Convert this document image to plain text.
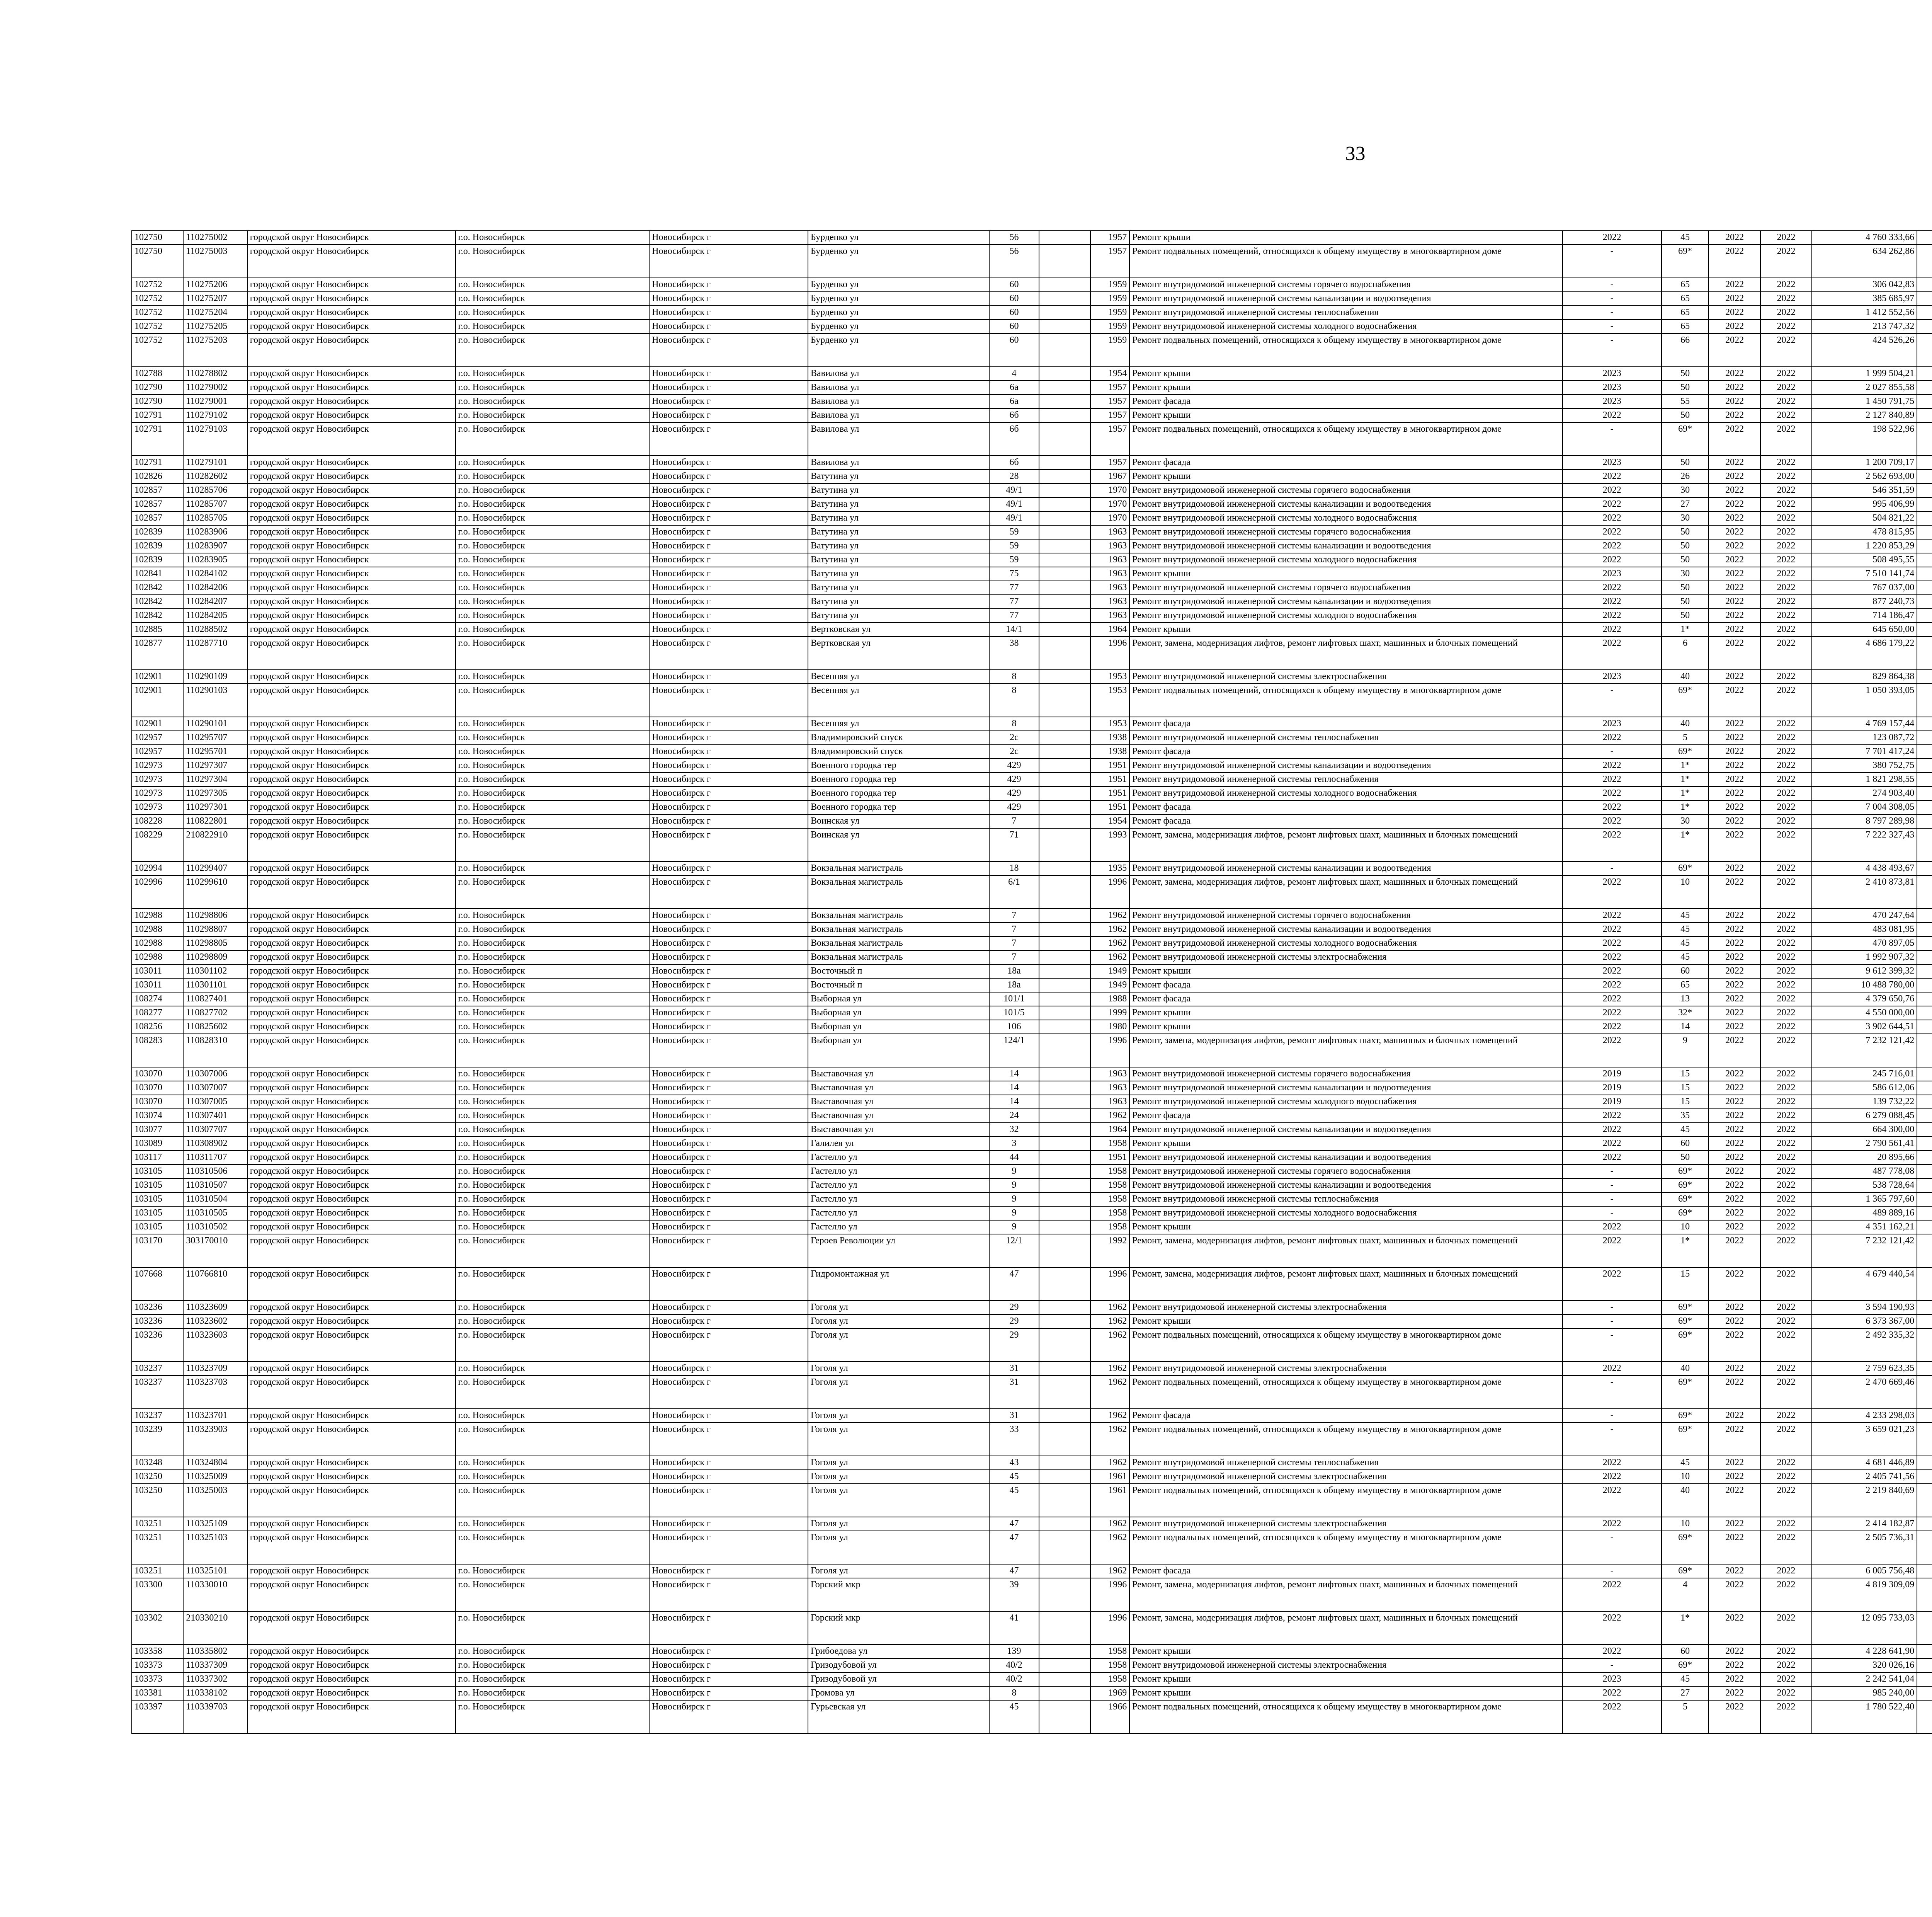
33
102750	110275002	городской округ Новосибирск	г.о. Новосибирск	Новосибирск г	Бурденко ул	56		1957	Ремонт крыши	2022	45	2022	2022	4 760 333,66						
102750	110275003	городской округ Новосибирск	г.о. Новосибирск	Новосибирск г	Бурденко ул	56		1957	Ремонт подвальных помещений, относящихся к общему имуществу в многоквартирном доме	-	69*	2022	2022	634 262,86						
102752	110275206	городской округ Новосибирск	г.о. Новосибирск	Новосибирск г	Бурденко ул	60		1959	Ремонт внутридомовой инженерной системы горячего водоснабжения	-	65	2022	2022	306 042,83						
102752	110275207	городской округ Новосибирск	г.о. Новосибирск	Новосибирск г	Бурденко ул	60		1959	Ремонт внутридомовой инженерной системы канализации и водоотведения	-	65	2022	2022	385 685,97						
102752	110275204	городской округ Новосибирск	г.о. Новосибирск	Новосибирск г	Бурденко ул	60		1959	Ремонт внутридомовой инженерной системы теплоснабжения	-	65	2022	2022	1 412 552,56						
102752	110275205	городской округ Новосибирск	г.о. Новосибирск	Новосибирск г	Бурденко ул	60		1959	Ремонт внутридомовой инженерной системы холодного водоснабжения	-	65	2022	2022	213 747,32						
102752	110275203	городской округ Новосибирск	г.о. Новосибирск	Новосибирск г	Бурденко ул	60		1959	Ремонт подвальных помещений, относящихся к общему имуществу в многоквартирном доме	-	66	2022	2022	424 526,26						
102788	110278802	городской округ Новосибирск	г.о. Новосибирск	Новосибирск г	Вавилова ул	4		1954	Ремонт крыши	2023	50	2022	2022	1 999 504,21						
102790	110279002	городской округ Новосибирск	г.о. Новосибирск	Новосибирск г	Вавилова ул	6а		1957	Ремонт крыши	2023	50	2022	2022	2 027 855,58						
102790	110279001	городской округ Новосибирск	г.о. Новосибирск	Новосибирск г	Вавилова ул	6а		1957	Ремонт фасада	2023	55	2022	2022	1 450 791,75						
102791	110279102	городской округ Новосибирск	г.о. Новосибирск	Новосибирск г	Вавилова ул	6б		1957	Ремонт крыши	2022	50	2022	2022	2 127 840,89						
102791	110279103	городской округ Новосибирск	г.о. Новосибирск	Новосибирск г	Вавилова ул	6б		1957	Ремонт подвальных помещений, относящихся к общему имуществу в многоквартирном доме	-	69*	2022	2022	198 522,96						
102791	110279101	городской округ Новосибирск	г.о. Новосибирск	Новосибирск г	Вавилова ул	6б		1957	Ремонт фасада	2023	50	2022	2022	1 200 709,17						
102826	110282602	городской округ Новосибирск	г.о. Новосибирск	Новосибирск г	Ватутина ул	28		1967	Ремонт крыши	2022	26	2022	2022	2 562 693,00						
102857	110285706	городской округ Новосибирск	г.о. Новосибирск	Новосибирск г	Ватутина ул	49/1		1970	Ремонт внутридомовой инженерной системы горячего водоснабжения	2022	30	2022	2022	546 351,59						
102857	110285707	городской округ Новосибирск	г.о. Новосибирск	Новосибирск г	Ватутина ул	49/1		1970	Ремонт внутридомовой инженерной системы канализации и водоотведения	2022	27	2022	2022	995 406,99						
102857	110285705	городской округ Новосибирск	г.о. Новосибирск	Новосибирск г	Ватутина ул	49/1		1970	Ремонт внутридомовой инженерной системы холодного водоснабжения	2022	30	2022	2022	504 821,22						
102839	110283906	городской округ Новосибирск	г.о. Новосибирск	Новосибирск г	Ватутина ул	59		1963	Ремонт внутридомовой инженерной системы горячего водоснабжения	2022	50	2022	2022	478 815,95						
102839	110283907	городской округ Новосибирск	г.о. Новосибирск	Новосибирск г	Ватутина ул	59		1963	Ремонт внутридомовой инженерной системы канализации и водоотведения	2022	50	2022	2022	1 220 853,29						
102839	110283905	городской округ Новосибирск	г.о. Новосибирск	Новосибирск г	Ватутина ул	59		1963	Ремонт внутридомовой инженерной системы холодного водоснабжения	2022	50	2022	2022	508 495,55						
102841	110284102	городской округ Новосибирск	г.о. Новосибирск	Новосибирск г	Ватутина ул	75		1963	Ремонт крыши	2023	30	2022	2022	7 510 141,74						
102842	110284206	городской округ Новосибирск	г.о. Новосибирск	Новосибирск г	Ватутина ул	77		1963	Ремонт внутридомовой инженерной системы горячего водоснабжения	2022	50	2022	2022	767 037,00						
102842	110284207	городской округ Новосибирск	г.о. Новосибирск	Новосибирск г	Ватутина ул	77		1963	Ремонт внутридомовой инженерной системы канализации и водоотведения	2022	50	2022	2022	877 240,73						
102842	110284205	городской округ Новосибирск	г.о. Новосибирск	Новосибирск г	Ватутина ул	77		1963	Ремонт внутридомовой инженерной системы холодного водоснабжения	2022	50	2022	2022	714 186,47						
102885	110288502	городской округ Новосибирск	г.о. Новосибирск	Новосибирск г	Вертковская ул	14/1		1964	Ремонт крыши	2022	1*	2022	2022	645 650,00						
102877	110287710	городской округ Новосибирск	г.о. Новосибирск	Новосибирск г	Вертковская ул	38		1996	Ремонт, замена, модернизация лифтов, ремонт лифтовых шахт, машинных и блочных помещений	2022	6	2022	2022	4 686 179,22						
102901	110290109	городской округ Новосибирск	г.о. Новосибирск	Новосибирск г	Весенняя ул	8		1953	Ремонт внутридомовой инженерной системы электроснабжения	2023	40	2022	2022	829 864,38						
102901	110290103	городской округ Новосибирск	г.о. Новосибирск	Новосибирск г	Весенняя ул	8		1953	Ремонт подвальных помещений, относящихся к общему имуществу в многоквартирном доме	-	69*	2022	2022	1 050 393,05						
102901	110290101	городской округ Новосибирск	г.о. Новосибирск	Новосибирск г	Весенняя ул	8		1953	Ремонт фасада	2023	40	2022	2022	4 769 157,44						
102957	110295707	городской округ Новосибирск	г.о. Новосибирск	Новосибирск г	Владимировский спуск	2с		1938	Ремонт внутридомовой инженерной системы теплоснабжения	2022	5	2022	2022	123 087,72						
102957	110295701	городской округ Новосибирск	г.о. Новосибирск	Новосибирск г	Владимировский спуск	2с		1938	Ремонт фасада	-	69*	2022	2022	7 701 417,24						
102973	110297307	городской округ Новосибирск	г.о. Новосибирск	Новосибирск г	Военного городка тер	429		1951	Ремонт внутридомовой инженерной системы канализации и водоотведения	2022	1*	2022	2022	380 752,75						
102973	110297304	городской округ Новосибирск	г.о. Новосибирск	Новосибирск г	Военного городка тер	429		1951	Ремонт внутридомовой инженерной системы теплоснабжения	2022	1*	2022	2022	1 821 298,55						
102973	110297305	городской округ Новосибирск	г.о. Новосибирск	Новосибирск г	Военного городка тер	429		1951	Ремонт внутридомовой инженерной системы холодного водоснабжения	2022	1*	2022	2022	274 903,40						
102973	110297301	городской округ Новосибирск	г.о. Новосибирск	Новосибирск г	Военного городка тер	429		1951	Ремонт фасада	2022	1*	2022	2022	7 004 308,05						
108228	110822801	городской округ Новосибирск	г.о. Новосибирск	Новосибирск г	Воинская ул	7		1954	Ремонт фасада	2022	30	2022	2022	8 797 289,98						
108229	210822910	городской округ Новосибирск	г.о. Новосибирск	Новосибирск г	Воинская ул	71		1993	Ремонт, замена, модернизация лифтов, ремонт лифтовых шахт, машинных и блочных помещений	2022	1*	2022	2022	7 222 327,43						
102994	110299407	городской округ Новосибирск	г.о. Новосибирск	Новосибирск г	Вокзальная магистраль	18		1935	Ремонт внутридомовой инженерной системы канализации и водоотведения	-	69*	2022	2022	4 438 493,67						
102996	110299610	городской округ Новосибирск	г.о. Новосибирск	Новосибирск г	Вокзальная магистраль	6/1		1996	Ремонт, замена, модернизация лифтов, ремонт лифтовых шахт, машинных и блочных помещений	2022	10	2022	2022	2 410 873,81						
102988	110298806	городской округ Новосибирск	г.о. Новосибирск	Новосибирск г	Вокзальная магистраль	7		1962	Ремонт внутридомовой инженерной системы горячего водоснабжения	2022	45	2022	2022	470 247,64						
102988	110298807	городской округ Новосибирск	г.о. Новосибирск	Новосибирск г	Вокзальная магистраль	7		1962	Ремонт внутридомовой инженерной системы канализации и водоотведения	2022	45	2022	2022	483 081,95						
102988	110298805	городской округ Новосибирск	г.о. Новосибирск	Новосибирск г	Вокзальная магистраль	7		1962	Ремонт внутридомовой инженерной системы холодного водоснабжения	2022	45	2022	2022	470 897,05						
102988	110298809	городской округ Новосибирск	г.о. Новосибирск	Новосибирск г	Вокзальная магистраль	7		1962	Ремонт внутридомовой инженерной системы электроснабжения	2022	45	2022	2022	1 992 907,32						
103011	110301102	городской округ Новосибирск	г.о. Новосибирск	Новосибирск г	Восточный п	18а		1949	Ремонт крыши	2022	60	2022	2022	9 612 399,32						
103011	110301101	городской округ Новосибирск	г.о. Новосибирск	Новосибирск г	Восточный п	18а		1949	Ремонт фасада	2022	65	2022	2022	10 488 780,00						
108274	110827401	городской округ Новосибирск	г.о. Новосибирск	Новосибирск г	Выборная ул	101/1		1988	Ремонт фасада	2022	13	2022	2022	4 379 650,76						
108277	110827702	городской округ Новосибирск	г.о. Новосибирск	Новосибирск г	Выборная ул	101/5		1999	Ремонт крыши	2022	32*	2022	2022	4 550 000,00						
108256	110825602	городской округ Новосибирск	г.о. Новосибирск	Новосибирск г	Выборная ул	106		1980	Ремонт крыши	2022	14	2022	2022	3 902 644,51						
108283	110828310	городской округ Новосибирск	г.о. Новосибирск	Новосибирск г	Выборная ул	124/1		1996	Ремонт, замена, модернизация лифтов, ремонт лифтовых шахт, машинных и блочных помещений	2022	9	2022	2022	7 232 121,42						
103070	110307006	городской округ Новосибирск	г.о. Новосибирск	Новосибирск г	Выставочная ул	14		1963	Ремонт внутридомовой инженерной системы горячего водоснабжения	2019	15	2022	2022	245 716,01						
103070	110307007	городской округ Новосибирск	г.о. Новосибирск	Новосибирск г	Выставочная ул	14		1963	Ремонт внутридомовой инженерной системы канализации и водоотведения	2019	15	2022	2022	586 612,06						
103070	110307005	городской округ Новосибирск	г.о. Новосибирск	Новосибирск г	Выставочная ул	14		1963	Ремонт внутридомовой инженерной системы холодного водоснабжения	2019	15	2022	2022	139 732,22						
103074	110307401	городской округ Новосибирск	г.о. Новосибирск	Новосибирск г	Выставочная ул	24		1962	Ремонт фасада	2022	35	2022	2022	6 279 088,45						
103077	110307707	городской округ Новосибирск	г.о. Новосибирск	Новосибирск г	Выставочная ул	32		1964	Ремонт внутридомовой инженерной системы канализации и водоотведения	2022	45	2022	2022	664 300,00						
103089	110308902	городской округ Новосибирск	г.о. Новосибирск	Новосибирск г	Галилея ул	3		1958	Ремонт крыши	2022	60	2022	2022	2 790 561,41						
103117	110311707	городской округ Новосибирск	г.о. Новосибирск	Новосибирск г	Гастелло ул	44		1951	Ремонт внутридомовой инженерной системы канализации и водоотведения	2022	50	2022	2022	20 895,66						
103105	110310506	городской округ Новосибирск	г.о. Новосибирск	Новосибирск г	Гастелло ул	9		1958	Ремонт внутридомовой инженерной системы горячего водоснабжения	-	69*	2022	2022	487 778,08						
103105	110310507	городской округ Новосибирск	г.о. Новосибирск	Новосибирск г	Гастелло ул	9		1958	Ремонт внутридомовой инженерной системы канализации и водоотведения	-	69*	2022	2022	538 728,64						
103105	110310504	городской округ Новосибирск	г.о. Новосибирск	Новосибирск г	Гастелло ул	9		1958	Ремонт внутридомовой инженерной системы теплоснабжения	-	69*	2022	2022	1 365 797,60						
103105	110310505	городской округ Новосибирск	г.о. Новосибирск	Новосибирск г	Гастелло ул	9		1958	Ремонт внутридомовой инженерной системы холодного водоснабжения	-	69*	2022	2022	489 889,16						
103105	110310502	городской округ Новосибирск	г.о. Новосибирск	Новосибирск г	Гастелло ул	9		1958	Ремонт крыши	2022	10	2022	2022	4 351 162,21						
103170	303170010	городской округ Новосибирск	г.о. Новосибирск	Новосибирск г	Героев Революции ул	12/1		1992	Ремонт, замена, модернизация лифтов, ремонт лифтовых шахт, машинных и блочных помещений	2022	1*	2022	2022	7 232 121,42						
107668	110766810	городской округ Новосибирск	г.о. Новосибирск	Новосибирск г	Гидромонтажная ул	47		1996	Ремонт, замена, модернизация лифтов, ремонт лифтовых шахт, машинных и блочных помещений	2022	15	2022	2022	4 679 440,54						
103236	110323609	городской округ Новосибирск	г.о. Новосибирск	Новосибирск г	Гоголя ул	29		1962	Ремонт внутридомовой инженерной системы электроснабжения	-	69*	2022	2022	3 594 190,93						
103236	110323602	городской округ Новосибирск	г.о. Новосибирск	Новосибирск г	Гоголя ул	29		1962	Ремонт крыши	-	69*	2022	2022	6 373 367,00						
103236	110323603	городской округ Новосибирск	г.о. Новосибирск	Новосибирск г	Гоголя ул	29		1962	Ремонт подвальных помещений, относящихся к общему имуществу в многоквартирном доме	-	69*	2022	2022	2 492 335,32						
103237	110323709	городской округ Новосибирск	г.о. Новосибирск	Новосибирск г	Гоголя ул	31		1962	Ремонт внутридомовой инженерной системы электроснабжения	2022	40	2022	2022	2 759 623,35						
103237	110323703	городской округ Новосибирск	г.о. Новосибирск	Новосибирск г	Гоголя ул	31		1962	Ремонт подвальных помещений, относящихся к общему имуществу в многоквартирном доме	-	69*	2022	2022	2 470 669,46						
103237	110323701	городской округ Новосибирск	г.о. Новосибирск	Новосибирск г	Гоголя ул	31		1962	Ремонт фасада	-	69*	2022	2022	4 233 298,03						
103239	110323903	городской округ Новосибирск	г.о. Новосибирск	Новосибирск г	Гоголя ул	33		1962	Ремонт подвальных помещений, относящихся к общему имуществу в многоквартирном доме	-	69*	2022	2022	3 659 021,23						
103248	110324804	городской округ Новосибирск	г.о. Новосибирск	Новосибирск г	Гоголя ул	43		1962	Ремонт внутридомовой инженерной системы теплоснабжения	2022	45	2022	2022	4 681 446,89						
103250	110325009	городской округ Новосибирск	г.о. Новосибирск	Новосибирск г	Гоголя ул	45		1961	Ремонт внутридомовой инженерной системы электроснабжения	2022	10	2022	2022	2 405 741,56						
103250	110325003	городской округ Новосибирск	г.о. Новосибирск	Новосибирск г	Гоголя ул	45		1961	Ремонт подвальных помещений, относящихся к общему имуществу в многоквартирном доме	2022	40	2022	2022	2 219 840,69						
103251	110325109	городской округ Новосибирск	г.о. Новосибирск	Новосибирск г	Гоголя ул	47		1962	Ремонт внутридомовой инженерной системы электроснабжения	2022	10	2022	2022	2 414 182,87						
103251	110325103	городской округ Новосибирск	г.о. Новосибирск	Новосибирск г	Гоголя ул	47		1962	Ремонт подвальных помещений, относящихся к общему имуществу в многоквартирном доме	-	69*	2022	2022	2 505 736,31						
103251	110325101	городской округ Новосибирск	г.о. Новосибирск	Новосибирск г	Гоголя ул	47		1962	Ремонт фасада	-	69*	2022	2022	6 005 756,48						
103300	110330010	городской округ Новосибирск	г.о. Новосибирск	Новосибирск г	Горский мкр	39		1996	Ремонт, замена, модернизация лифтов, ремонт лифтовых шахт, машинных и блочных помещений	2022	4	2022	2022	4 819 309,09						
103302	210330210	городской округ Новосибирск	г.о. Новосибирск	Новосибирск г	Горский мкр	41		1996	Ремонт, замена, модернизация лифтов, ремонт лифтовых шахт, машинных и блочных помещений	2022	1*	2022	2022	12 095 733,03						
103358	110335802	городской округ Новосибирск	г.о. Новосибирск	Новосибирск г	Грибоедова ул	139		1958	Ремонт крыши	2022	60	2022	2022	4 228 641,90						
103373	110337309	городской округ Новосибирск	г.о. Новосибирск	Новосибирск г	Гризодубовой ул	40/2		1958	Ремонт внутридомовой инженерной системы электроснабжения	-	69*	2022	2022	320 026,16						
103373	110337302	городской округ Новосибирск	г.о. Новосибирск	Новосибирск г	Гризодубовой ул	40/2		1958	Ремонт крыши	2023	45	2022	2022	2 242 541,04						
103381	110338102	городской округ Новосибирск	г.о. Новосибирск	Новосибирск г	Громова ул	8		1969	Ремонт крыши	2022	27	2022	2022	985 240,00						
103397	110339703	городской округ Новосибирск	г.о. Новосибирск	Новосибирск г	Гурьевская ул	45		1966	Ремонт подвальных помещений, относящихся к общему имуществу в многоквартирном доме	2022	5	2022	2022	1 780 522,40						
